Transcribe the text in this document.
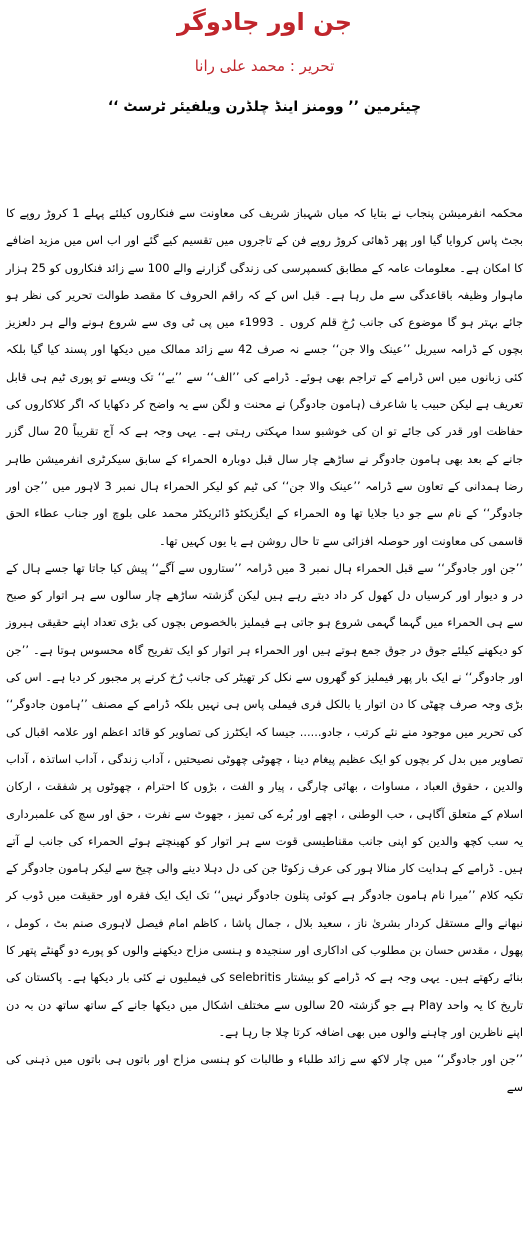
جن اور جادوگر
تحریر : محمد علی رانا
چیئرمین ’’ وومنز اینڈ چلڈرن ویلفیئر ٹرسٹ ‘‘

محکمہ انفرمیشن پنجاب نے بتایا کہ میاں شہباز شریف کی معاونت سے فنکاروں کیلئے پہلے 1 کروڑ روپے کا بجٹ پاس کروایا گیا اور پھر ڈھائی کروڑ روپے فن کے تاجروں میں تقسیم کیے گئے اور اب اس میں مزید اضافے کا امکان ہے۔ معلومات عامہ کے مطابق کسمپرسی کی زندگی گزارنے والے 100 سے زائد فنکاروں کو 25 ہزار ماہوار وظیفہ باقاعدگی سے مل رہا ہے۔ قبل اس کے کہ راقم الحروف کا مقصد طوالت تحریر کی نظر ہو جائے بہتر ہو گا موضوع کی جانب رُخِ قلم کروں ۔ 1993ء میں پی ٹی وی سے شروع ہونے والے ہر دلعزیز بچوں کے ڈرامہ سیریل ’’عینک والا جن‘‘ جسے نہ صرف 42 سے زائد ممالک میں دیکھا اور پسند کیا گیا بلکہ کئی زبانوں میں اس ڈرامے کے تراجم بھی ہوئے۔ ڈرامے کی ’’الف‘‘ سے ’’یے‘‘ تک ویسے تو پوری ٹیم ہی قابل تعریف ہے لیکن حبیب یا شاعرف (ہامون جادوگر) نے محنت و لگن سے یہ واضح کر دکھایا کہ اگر کلاکاروں کی حفاظت اور قدر کی جائے تو ان کی خوشبو سدا مہکتی رہتی ہے۔ یہی وجہ ہے کہ آج تقریباً 20 سال گزر جانے کے بعد بھی ہامون جادوگر نے ساڑھے چار سال قبل دوبارہ الحمراء کے سابق سیکرٹری انفرمیشن طاہر رضا ہمدانی کے تعاون سے ڈرامہ ’’عینک والا جن‘‘ کی ٹیم کو لیکر الحمراء ہال نمبر 3 لاہور میں ’’جن اور جادوگر‘‘ کے نام سے جو دیا جلایا تھا وہ الحمراء کے ایگزیکٹو ڈائریکٹر محمد علی بلوچ اور جناب عطاء الحق قاسمی کی معاونت اور حوصلہ افزائی سے تا حال روشن ہے یا یوں کہیں تھا۔

’’جن اور جادوگر‘‘ سے قبل الحمراء ہال نمبر 3 میں ڈرامہ ’’ستاروں سے آگے‘‘ پیش کیا جاتا تھا جسے ہال کے در و دیوار اور کرسیاں دل کھول کر داد دیتے رہے ہیں لیکن گزشتہ ساڑھے چار سالوں سے ہر اتوار کو صبح سے ہی الحمراء میں گہما گہمی شروع ہو جاتی ہے فیملیز بالخصوص بچوں کی بڑی تعداد اپنے حقیقی ہیروز کو دیکھنے کیلئے جوق در جوق جمع ہوتے ہیں اور الحمراء ہر اتوار کو ایک تفریح گاہ محسوس ہوتا ہے۔ ’’جن اور جادوگر‘‘ نے ایک بار پھر فیملیز کو گھروں سے نکل کر تھیٹر کی جانب رُخ کرنے پر مجبور کر دیا ہے۔ اس کی بڑی وجہ صرف چھٹی کا دن اتوار یا بالکل فری فیملی پاس ہی نہیں بلکہ ڈرامے کے مصنف ’’ہامون جادوگر‘‘ کی تحریر میں موجود منے نئے کرتب ، جادو...... جیسا کہ ایکٹرز کی تصاویر کو قائد اعظم اور علامہ اقبال کی تصاویر میں بدل کر بچوں کو ایک عظیم پیغام دینا ، چھوٹی چھوٹی نصیحتیں ، آداب زندگی ، آداب اساتذہ ، آداب والدین ، حقوق العباد ، مساوات ، بھائی چارگی ، پیار و الفت ، بڑوں کا احترام ، چھوٹوں پر شفقت ، ارکان اسلام کے متعلق آگاہی ، حب الوطنی ، اچھے اور بُرے کی تمیز ، جھوٹ سے نفرت ، حق اور سچ کی علمبرداری یہ سب کچھ والدین کو اپنی جانب مقناطیسی قوت سے ہر اتوار کو کھینچتے ہوئے الحمراء کی جانب لے آتے ہیں۔ ڈرامے کے ہدایت کار منالا ہور کی عرف زکوٹا جن کی دل دہلا دینے والی چیخ سے لیکر ہامون جادوگر کے تکیہ کلام ’’میرا نام ہامون جادوگر ہے کوئی پتلون جادوگر نہیں‘‘ تک ایک ایک فقرہ اور حقیقت میں ڈوب کر نبھانے والے مستقل کردار بشریٰ ناز ، سعید بلال ، جمال پاشا ، کاظم امام فیصل لاہوری صنم بٹ ، کومل ، پھول ، مقدس حسان بن مطلوب کی اداکاری اور سنجیدہ و ہنسی مزاح دیکھنے والوں کو پورے دو گھنٹے پتھر کا بنائے رکھتے ہیں۔ یہی وجہ ہے کہ ڈرامے کو بیشتار selebritis کی فیملیوں نے کئی بار دیکھا ہے۔ پاکستان کی تاریخ کا یہ واحد Play ہے جو گزشتہ 20 سالوں سے مختلف اشکال میں دیکھا جانے کے ساتھ ساتھ دن بہ دن اپنے ناظرین اور چاہنے والوں میں بھی اضافہ کرتا چلا جا رہا ہے۔

’’جن اور جادوگر‘‘ میں چار لاکھ سے زائد طلباء و طالبات کو ہنسی مزاح اور باتوں ہی باتوں میں ذہنی کی سے
